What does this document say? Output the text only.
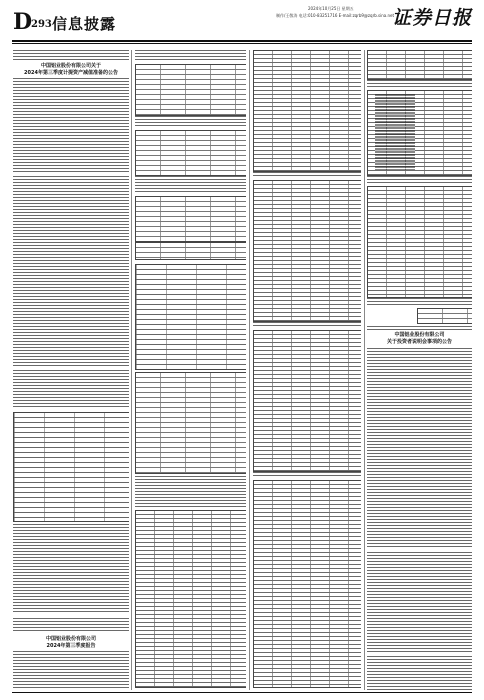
D
293 信息披露
2024年10月25日 星期五
制作/王敬涛 电话:010-83251716 E-mail:zqrb9@zqrb.sina.net
证券日报
中国铝业股份有限公司关于
2024年第三季度计提资产减值准备的公告
中国铝业股份有限公司
2024年第三季度报告
中国铝业股份有限公司
关于投资者说明会事项的公告
